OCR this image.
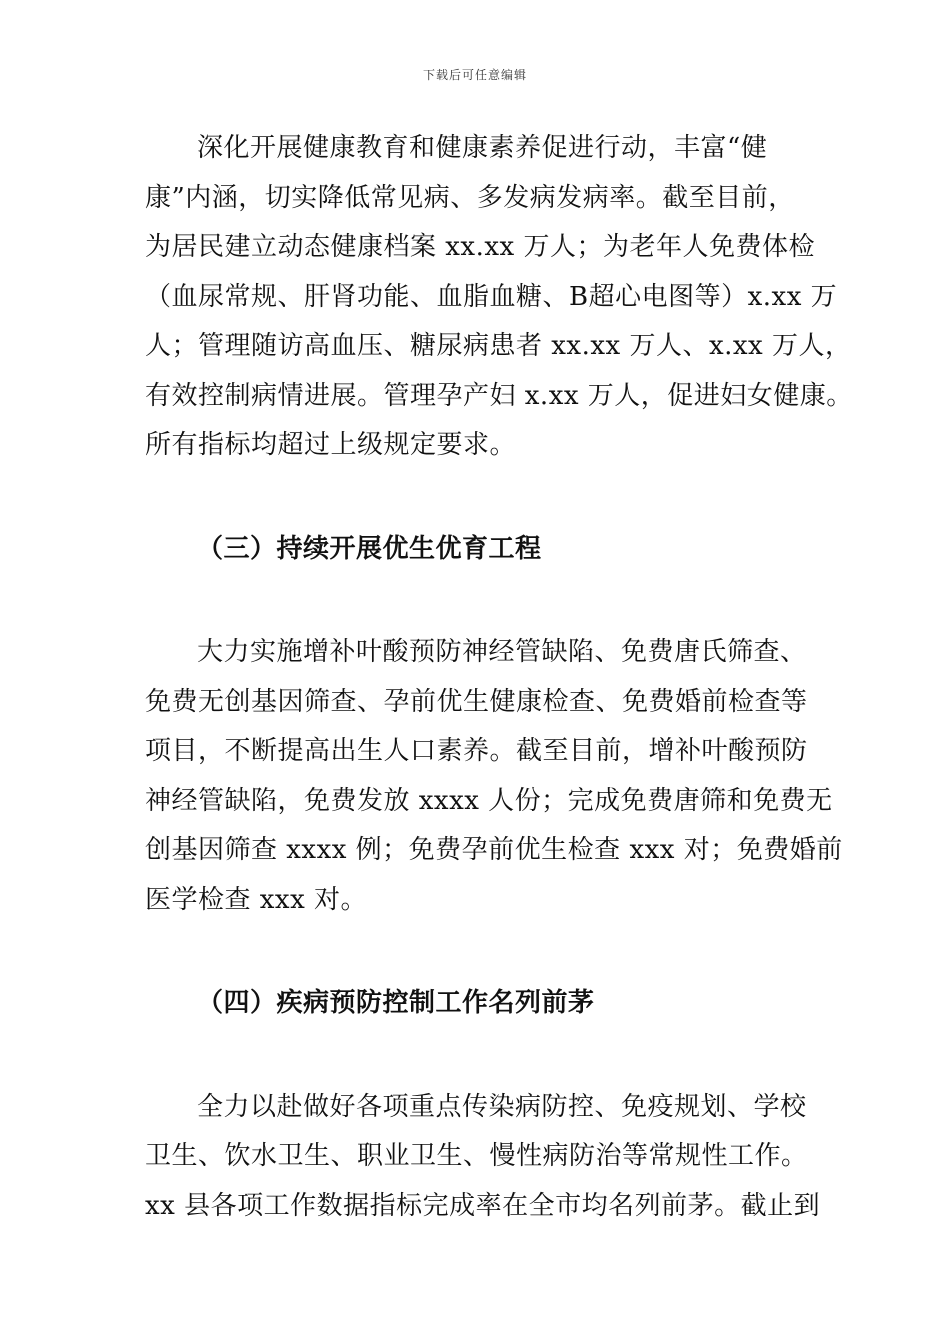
下载后可任意编辑

深化开展健康教育和健康素养促进行动，丰富“健
康”内涵，切实降低常见病、多发病发病率。截至目前，
为居民建立动态健康档案 xx.xx 万人；为老年人免费体检
（血尿常规、肝肾功能、血脂血糖、B超心电图等）x.xx 万
人；管理随访高血压、糖尿病患者 xx.xx 万人、x.xx 万人，
有效控制病情进展。管理孕产妇 x.xx 万人，促进妇女健康。
所有指标均超过上级规定要求。

（三）持续开展优生优育工程

大力实施增补叶酸预防神经管缺陷、免费唐氏筛查、
免费无创基因筛查、孕前优生健康检查、免费婚前检查等
项目，不断提高出生人口素养。截至目前，增补叶酸预防
神经管缺陷，免费发放 xxxx 人份；完成免费唐筛和免费无
创基因筛查 xxxx 例；免费孕前优生检查 xxx 对；免费婚前
医学检查 xxx 对。

（四）疾病预防控制工作名列前茅

全力以赴做好各项重点传染病防控、免疫规划、学校
卫生、饮水卫生、职业卫生、慢性病防治等常规性工作。
xx 县各项工作数据指标完成率在全市均名列前茅。截止到
